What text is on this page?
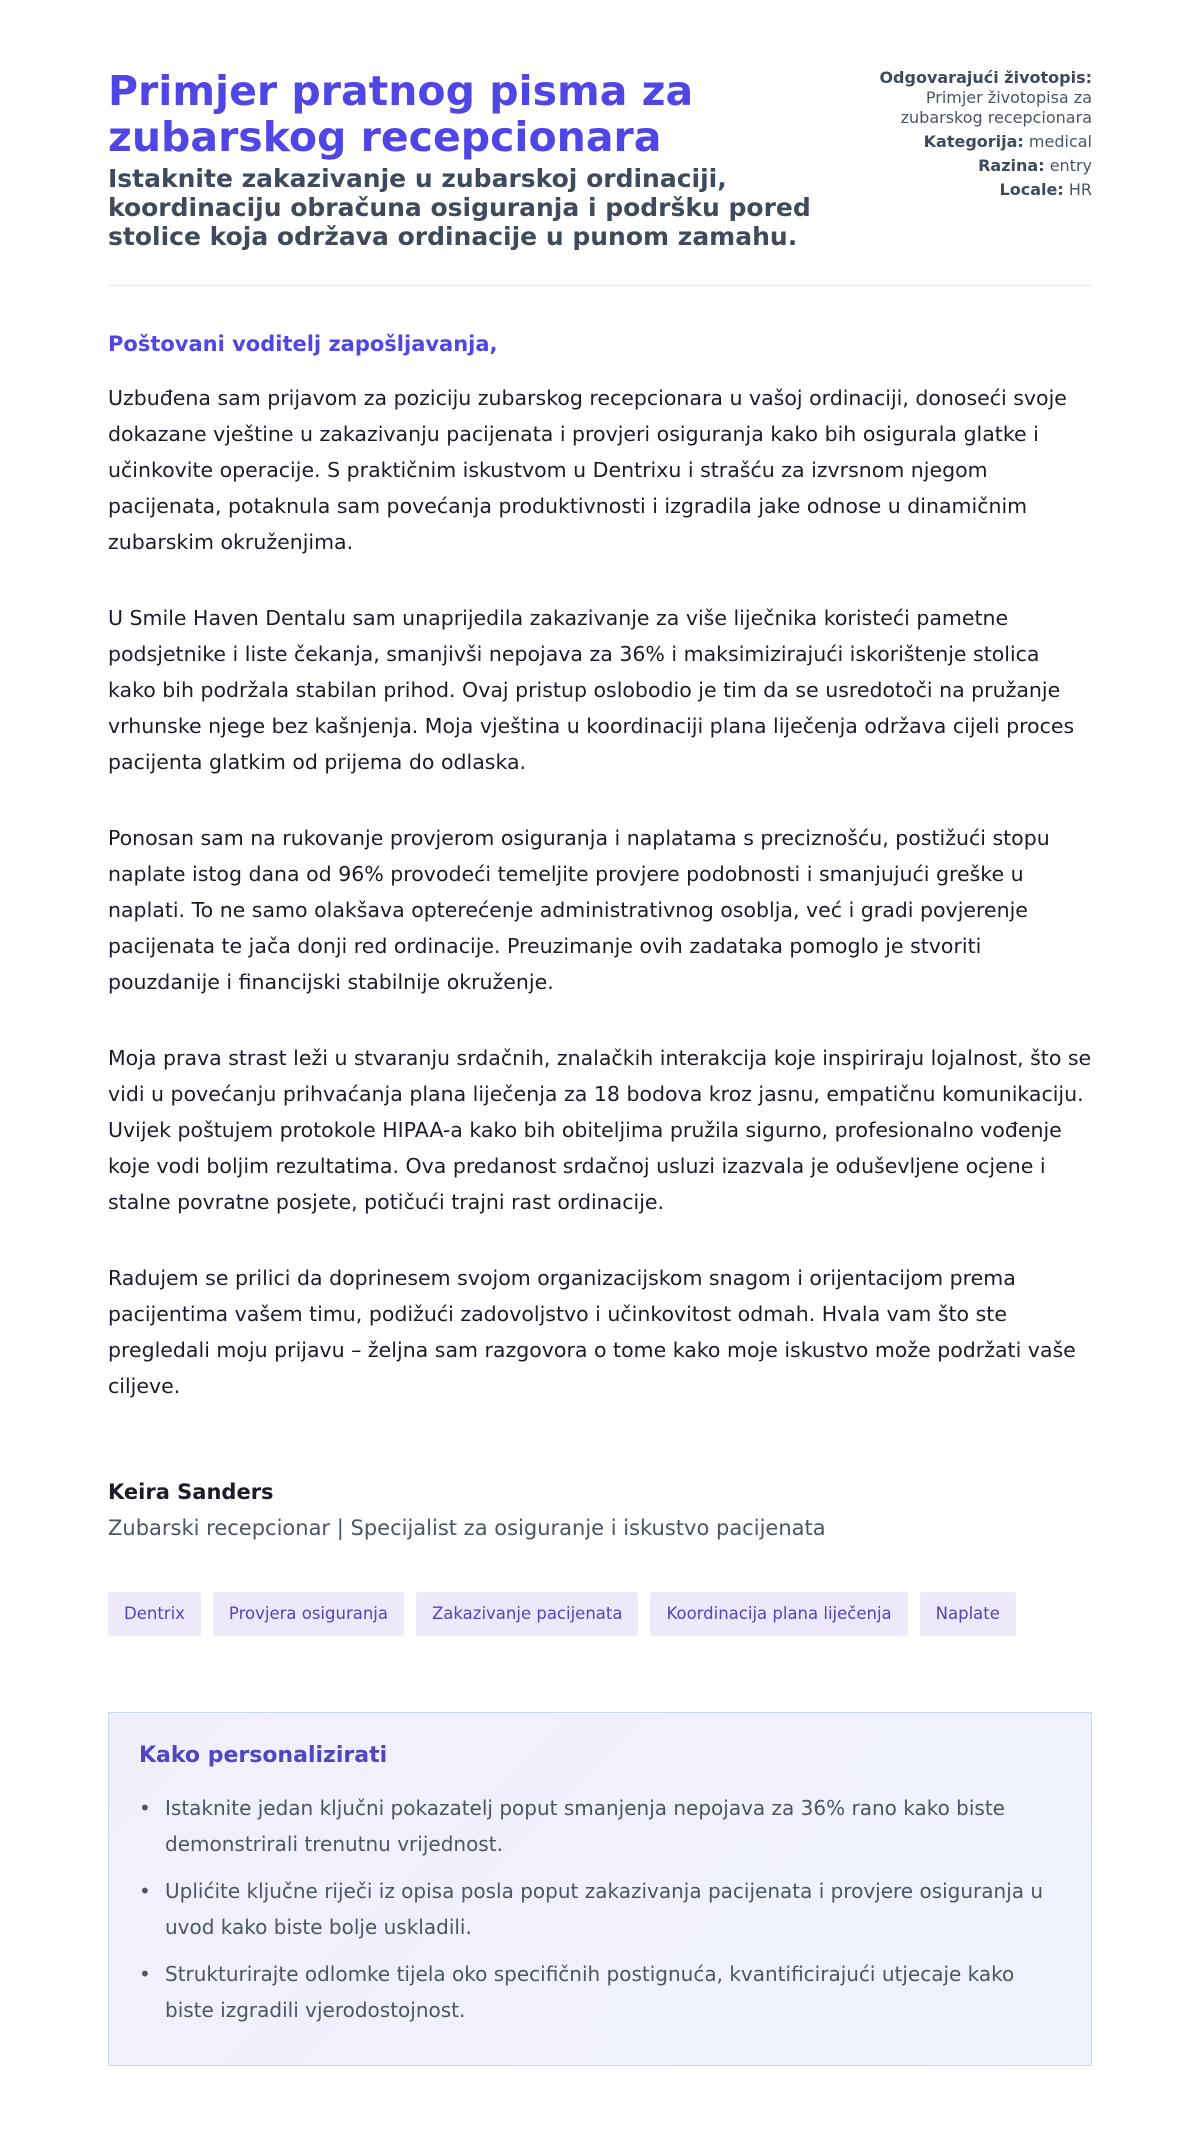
Primjer pratnog pisma za zubarskog recepcionara
Istaknite zakazivanje u zubarskoj ordinaciji, koordinaciju obračuna osiguranja i podršku pored stolice koja održava ordinacije u punom zamahu.
Odgovarajući životopis: Primjer životopisa za zubarskog recepcionara
Kategorija: medical
Razina: entry
Locale: HR
Poštovani voditelj zapošljavanja,

Uzbuđena sam prijavom za poziciju zubarskog recepcionara u vašoj ordinaciji, donoseći svoje dokazane vještine u zakazivanju pacijenata i provjeri osiguranja kako bih osigurala glatke i učinkovite operacije. S praktičnim iskustvom u Dentrixu i strašću za izvrsnom njegom pacijenata, potaknula sam povećanja produktivnosti i izgradila jake odnose u dinamičnim zubarskim okruženjima.

U Smile Haven Dentalu sam unaprijedila zakazivanje za više liječnika koristeći pametne podsjetnike i liste čekanja, smanjivši nepojava za 36% i maksimizirajući iskorištenje stolica kako bih podržala stabilan prihod. Ovaj pristup oslobodio je tim da se usredotoči na pružanje vrhunske njege bez kašnjenja. Moja vještina u koordinaciji plana liječenja održava cijeli proces pacijenta glatkim od prijema do odlaska.

Ponosan sam na rukovanje provjerom osiguranja i naplatama s preciznošću, postižući stopu naplate istog dana od 96% provodeći temeljite provjere podobnosti i smanjujući greške u naplati. To ne samo olakšava opterećenje administrativnog osoblja, već i gradi povjerenje pacijenata te jača donji red ordinacije. Preuzimanje ovih zadataka pomoglo je stvoriti pouzdanije i financijski stabilnije okruženje.

Moja prava strast leži u stvaranju srdačnih, znalačkih interakcija koje inspiriraju lojalnost, što se vidi u povećanju prihvaćanja plana liječenja za 18 bodova kroz jasnu, empatičnu komunikaciju. Uvijek poštujem protokole HIPAA-a kako bih obiteljima pružila sigurno, profesionalno vođenje koje vodi boljim rezultatima. Ova predanost srdačnoj usluzi izazvala je oduševljene ocjene i stalne povratne posjete, potičući trajni rast ordinacije.

Radujem se prilici da doprinesem svojom organizacijskom snagom i orijentacijom prema pacijentima vašem timu, podižući zadovoljstvo i učinkovitost odmah. Hvala vam što ste pregledali moju prijavu – željna sam razgovora o tome kako moje iskustvo može podržati vaše ciljeve.

Keira Sanders
Zubarski recepcionar | Specijalist za osiguranje i iskustvo pacijenata
Dentrix	Provjera osiguranja	Zakazivanje pacijenata	Koordinacija plana liječenja	Naplate
Kako personalizirati
• Istaknite jedan ključni pokazatelj poput smanjenja nepojava za 36% rano kako biste demonstrirali trenutnu vrijednost.
• Uplićite ključne riječi iz opisa posla poput zakazivanja pacijenata i provjere osiguranja u uvod kako biste bolje uskladili.
• Strukturirajte odlomke tijela oko specifičnih postignuća, kvantificirajući utjecaje kako biste izgradili vjerodostojnost.
